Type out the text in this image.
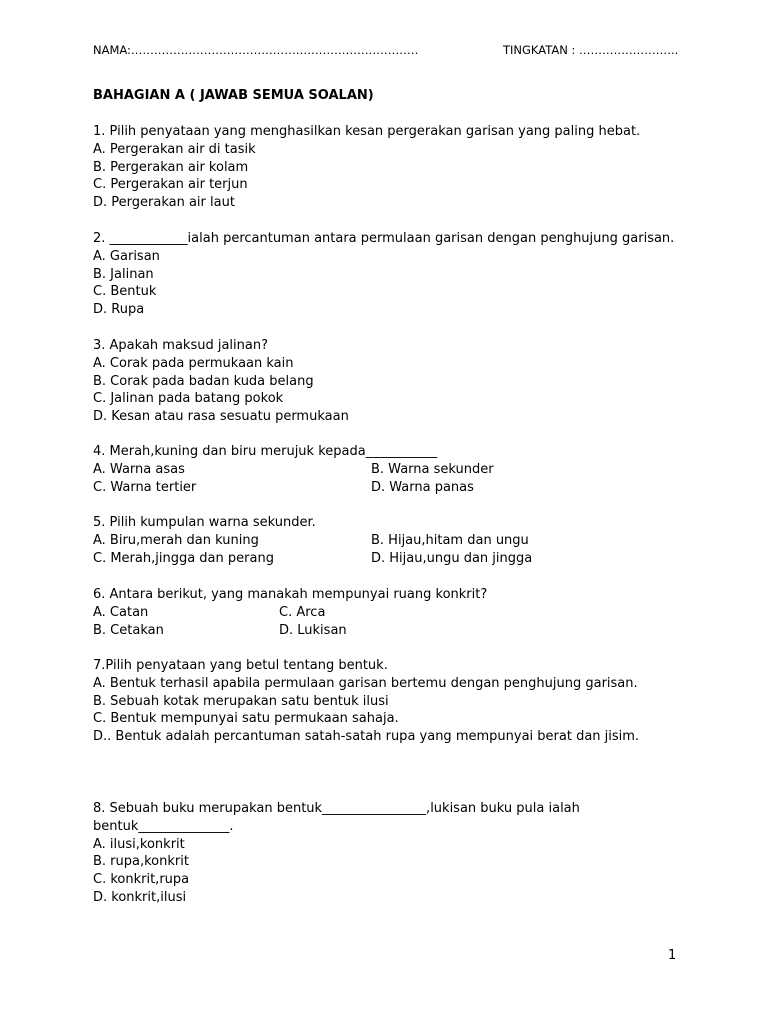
NAMA:…………………………………………………………………	TINGKATAN : ……………………..
BAHAGIAN A ( JAWAB SEMUA SOALAN)
1. Pilih penyataan yang menghasilkan kesan pergerakan garisan yang paling hebat.
A. Pergerakan air di tasik
B. Pergerakan air kolam
C. Pergerakan air terjun
D. Pergerakan air laut
2. ____________ialah percantuman antara permulaan garisan dengan penghujung garisan.
A. Garisan
B. Jalinan
C. Bentuk
D. Rupa
3. Apakah maksud jalinan?
A. Corak pada permukaan kain
B. Corak pada badan kuda belang
C. Jalinan pada batang pokok
D. Kesan atau rasa sesuatu permukaan
4. Merah,kuning dan biru merujuk kepada___________
A. Warna asas	B. Warna sekunder
C. Warna tertier	D. Warna panas
5. Pilih kumpulan warna sekunder.
A. Biru,merah dan kuning	B. Hijau,hitam dan ungu
C. Merah,jingga dan perang	D. Hijau,ungu dan jingga
6. Antara berikut, yang manakah mempunyai ruang konkrit?
A. Catan	C. Arca
B. Cetakan	D. Lukisan
7.Pilih penyataan yang betul tentang bentuk.
A. Bentuk terhasil apabila permulaan garisan bertemu dengan penghujung garisan.
B. Sebuah kotak merupakan satu bentuk ilusi
C. Bentuk mempunyai satu permukaan sahaja.
D.. Bentuk adalah percantuman satah-satah rupa yang mempunyai berat dan jisim.
8. Sebuah buku merupakan bentuk________________,lukisan buku pula ialah
bentuk______________.
A. ilusi,konkrit
B. rupa,konkrit
C. konkrit,rupa
D. konkrit,ilusi
1
